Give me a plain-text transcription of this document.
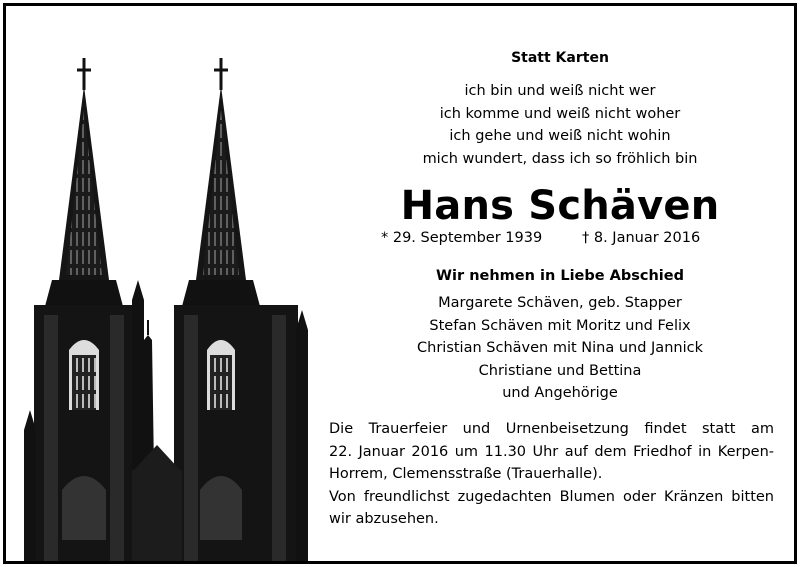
Statt Karten
ich bin und weiß nicht wer
ich komme und weiß nicht woher
ich gehe und weiß nicht wohin
mich wundert, dass ich so fröhlich bin
Hans Schäven
* 29. September 1939	† 8. Januar 2016
Wir nehmen in Liebe Abschied
Margarete Schäven, geb. Stapper
Stefan Schäven mit Moritz und Felix
Christian Schäven mit Nina und Jannick
Christiane und Bettina
und Angehörige
Die Trauerfeier und Urnenbeisetzung findet statt am
22. Januar 2016 um 11.30 Uhr auf dem Friedhof in Kerpen-
Horrem, Clemensstraße (Trauerhalle).
Von freundlichst zugedachten Blumen oder Kränzen bitten
wir abzusehen.
